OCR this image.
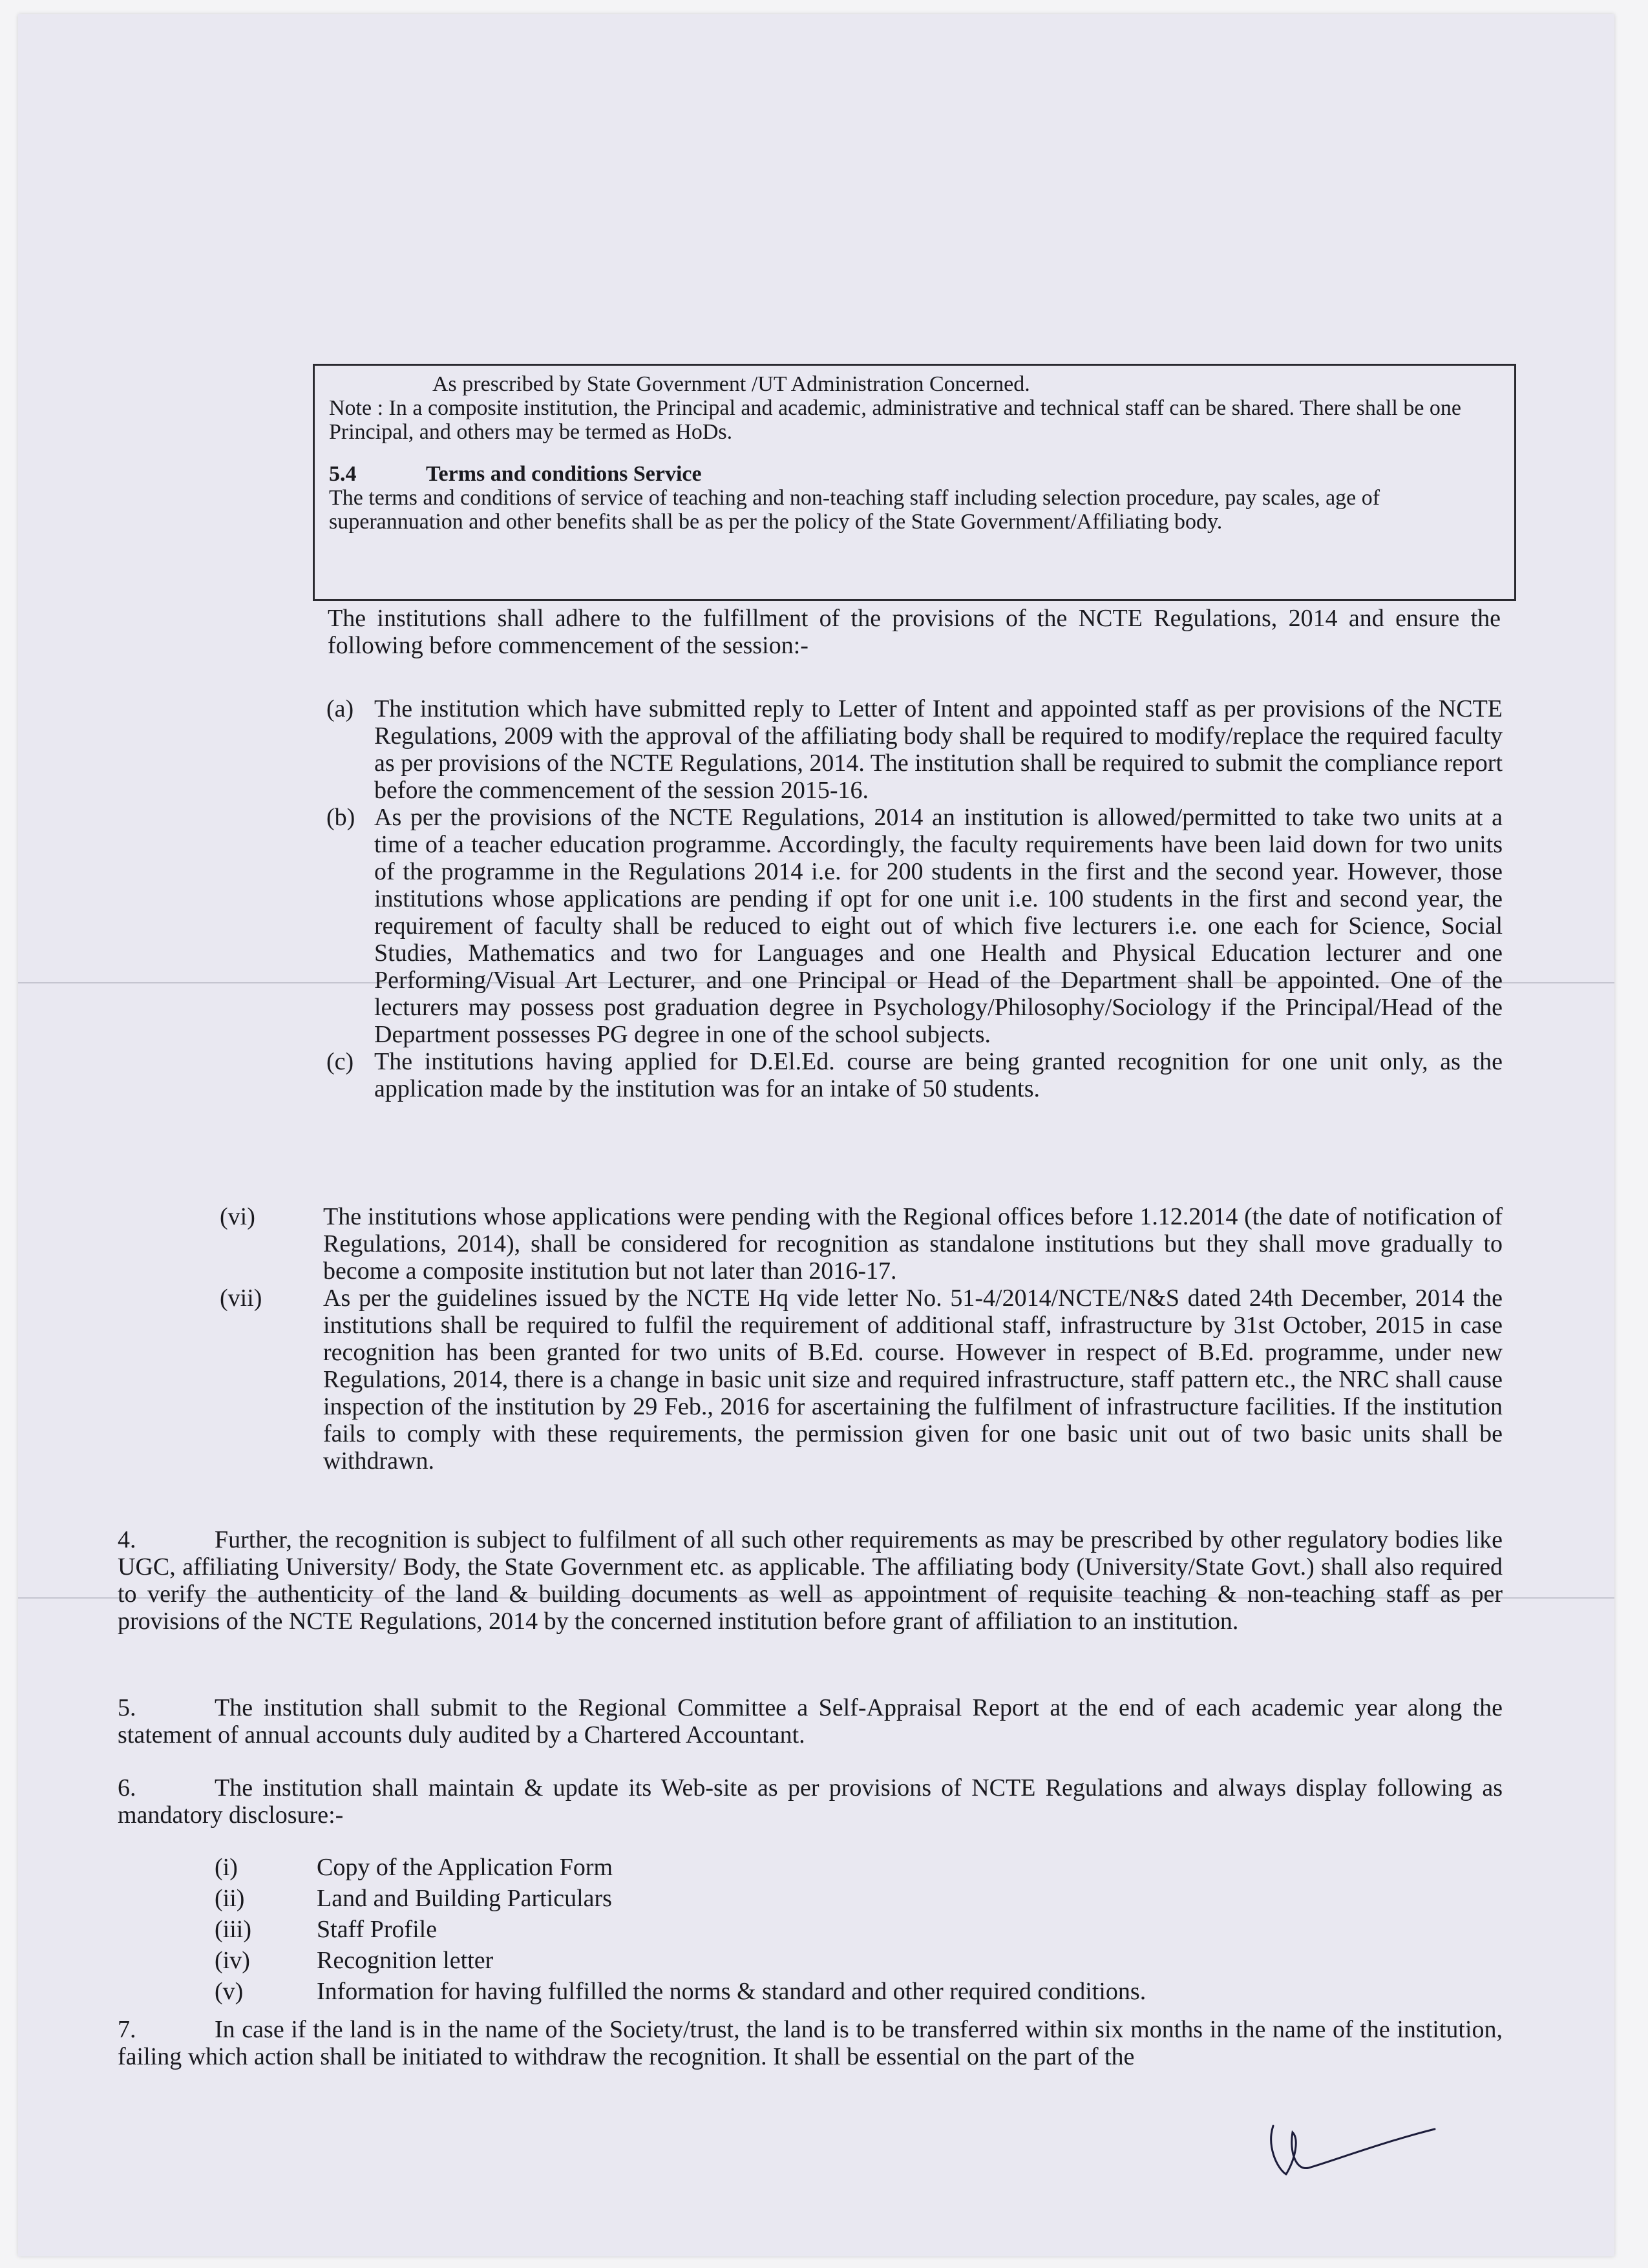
As prescribed by State Government /UT Administration Concerned.
Note : In a composite institution, the Principal and academic, administrative and technical staff can be shared. There shall be one Principal, and others may be termed as HoDs.
5.4	Terms and conditions Service
The terms and conditions of service of teaching and non-teaching staff including selection procedure, pay scales, age of superannuation and other benefits shall be as per the policy of the State Government/Affiliating body.
The institutions shall adhere to the fulfillment of the provisions of the NCTE Regulations, 2014 and ensure the following before commencement of the session:-
(a) The institution which have submitted reply to Letter of Intent and appointed staff as per provisions of the NCTE Regulations, 2009 with the approval of the affiliating body shall be required to modify/replace the required faculty as per provisions of the NCTE Regulations, 2014. The institution shall be required to submit the compliance report before the commencement of the session 2015-16.
(b) As per the provisions of the NCTE Regulations, 2014 an institution is allowed/permitted to take two units at a time of a teacher education programme. Accordingly, the faculty requirements have been laid down for two units of the programme in the Regulations 2014 i.e. for 200 students in the first and the second year. However, those institutions whose applications are pending if opt for one unit i.e. 100 students in the first and second year, the requirement of faculty shall be reduced to eight out of which five lecturers i.e. one each for Science, Social Studies, Mathematics and two for Languages and one Health and Physical Education lecturer and one Performing/Visual Art Lecturer, and one Principal or Head of the Department shall be appointed. One of the lecturers may possess post graduation degree in Psychology/Philosophy/Sociology if the Principal/Head of the Department possesses PG degree in one of the school subjects.
(c) The institutions having applied for D.El.Ed. course are being granted recognition for one unit only, as the application made by the institution was for an intake of 50 students.
(vi)	The institutions whose applications were pending with the Regional offices before 1.12.2014 (the date of notification of Regulations, 2014), shall be considered for recognition as standalone institutions but they shall move gradually to become a composite institution but not later than 2016-17.
(vii)	As per the guidelines issued by the NCTE Hq vide letter No. 51-4/2014/NCTE/N&S dated 24th December, 2014 the institutions shall be required to fulfil the requirement of additional staff, infrastructure by 31st October, 2015 in case recognition has been granted for two units of B.Ed. course. However in respect of B.Ed. programme, under new Regulations, 2014, there is a change in basic unit size and required infrastructure, staff pattern etc., the NRC shall cause inspection of the institution by 29 Feb., 2016 for ascertaining the fulfilment of infrastructure facilities. If the institution fails to comply with these requirements, the permission given for one basic unit out of two basic units shall be withdrawn.
4.	Further, the recognition is subject to fulfilment of all such other requirements as may be prescribed by other regulatory bodies like UGC, affiliating University/ Body, the State Government etc. as applicable. The affiliating body (University/State Govt.) shall also required to verify the authenticity of the land & building documents as well as appointment of requisite teaching & non-teaching staff as per provisions of the NCTE Regulations, 2014 by the concerned institution before grant of affiliation to an institution.
5.	The institution shall submit to the Regional Committee a Self-Appraisal Report at the end of each academic year along the statement of annual accounts duly audited by a Chartered Accountant.
6.	The institution shall maintain & update its Web-site as per provisions of NCTE Regulations and always display following as mandatory disclosure:-
(i)	Copy of the Application Form
(ii)	Land and Building Particulars
(iii)	Staff Profile
(iv)	Recognition letter
(v)	Information for having fulfilled the norms & standard and other required conditions.
7.	In case if the land is in the name of the Society/trust, the land is to be transferred within six months in the name of the institution, failing which action shall be initiated to withdraw the recognition. It shall be essential on the part of the
